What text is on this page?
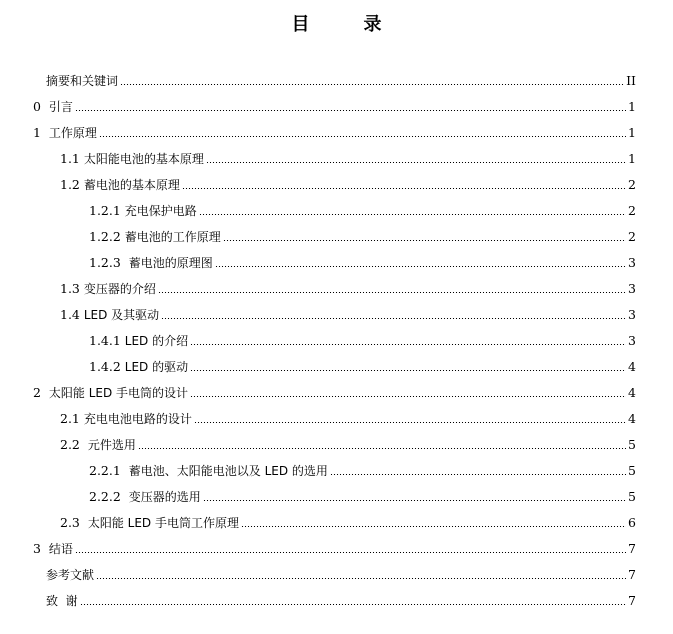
目　录
摘要和关键词	II
0 引言	1
1 工作原理	1
1.1 太阳能电池的基本原理	1
1.2 蓄电池的基本原理	2
1.2.1 充电保护电路	2
1.2.2 蓄电池的工作原理	2
1.2.3 蓄电池的原理图	3
1.3 变压器的介绍	3
1.4 LED 及其驱动	3
1.4.1 LED 的介绍	3
1.4.2 LED 的驱动	4
2 太阳能 LED 手电筒的设计	4
2.1 充电电池电路的设计	4
2.2 元件选用	5
2.2.1 蓄电池、太阳能电池以及 LED 的选用	5
2.2.2 变压器的选用	5
2.3 太阳能 LED 手电筒工作原理	6
3 结语	7
参考文献	7
致  谢	7
